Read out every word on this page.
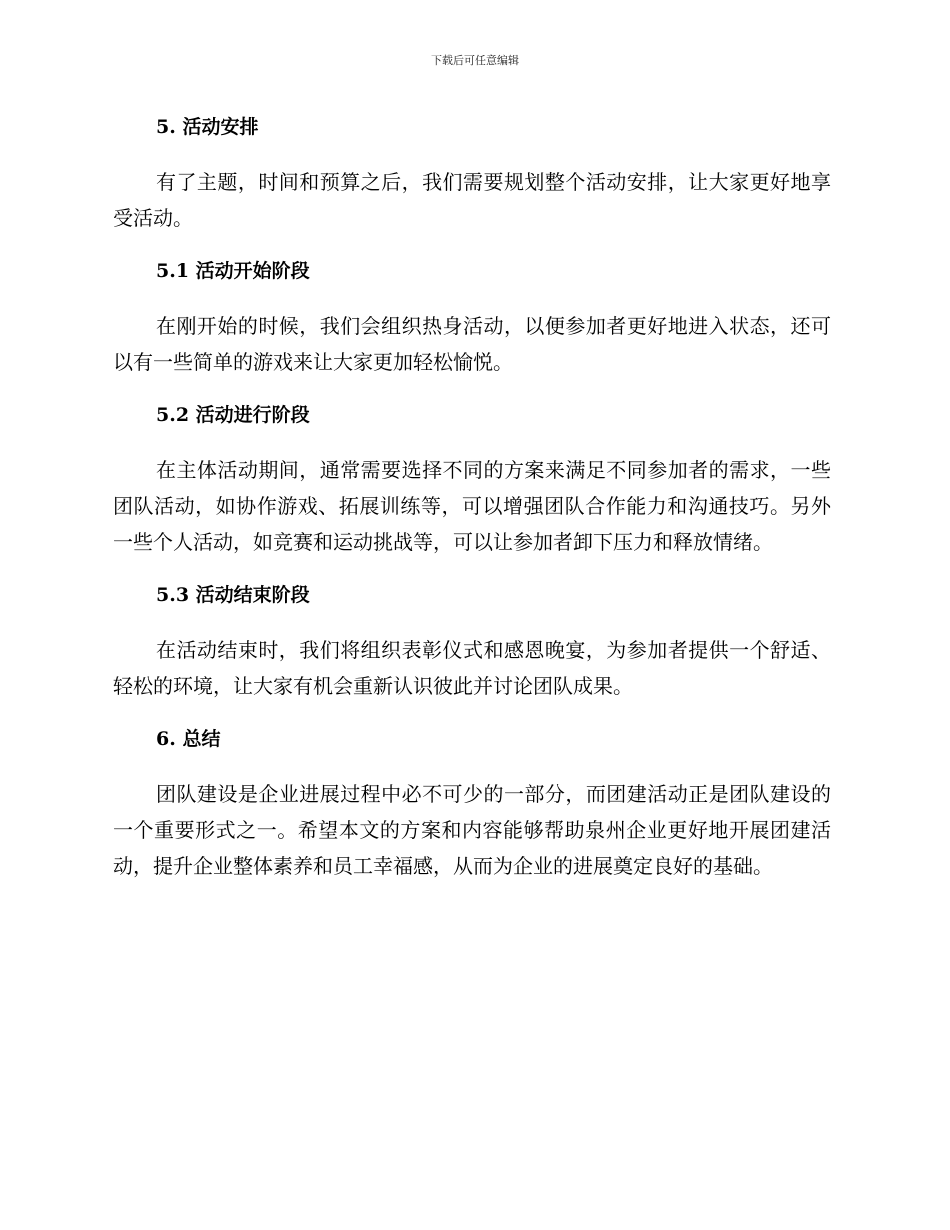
下载后可任意编辑

5. 活动安排

有了主题，时间和预算之后，我们需要规划整个活动安排，让大家更好地享受活动。

5.1 活动开始阶段

在刚开始的时候，我们会组织热身活动，以便参加者更好地进入状态，还可以有一些简单的游戏来让大家更加轻松愉悦。

5.2 活动进行阶段

在主体活动期间，通常需要选择不同的方案来满足不同参加者的需求，一些团队活动，如协作游戏、拓展训练等，可以增强团队合作能力和沟通技巧。另外一些个人活动，如竞赛和运动挑战等，可以让参加者卸下压力和释放情绪。

5.3 活动结束阶段

在活动结束时，我们将组织表彰仪式和感恩晚宴，为参加者提供一个舒适、轻松的环境，让大家有机会重新认识彼此并讨论团队成果。

6. 总结

团队建设是企业进展过程中必不可少的一部分，而团建活动正是团队建设的一个重要形式之一。希望本文的方案和内容能够帮助泉州企业更好地开展团建活动，提升企业整体素养和员工幸福感，从而为企业的进展奠定良好的基础。
